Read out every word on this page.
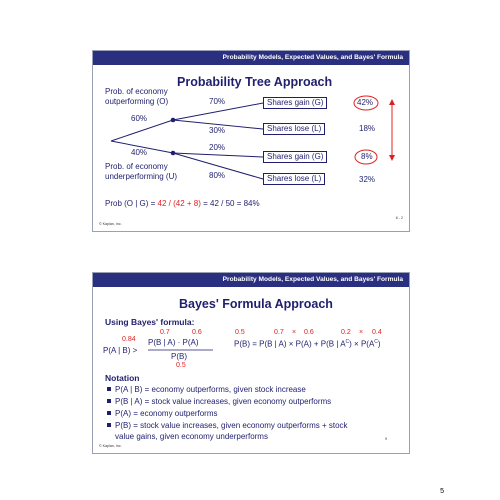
Probability Models, Expected Values, and Bayes' Formula
Probability Tree Approach
Prob. of economy
outperforming (O)
60%
40%
Prob. of economy
underperforming (U)
70%
30%
20%
80%
Shares gain (G)
Shares lose (L)
Shares gain (G)
Shares lose (L)
42%
18%
8%
32%
Prob (O | G) = 42 / (42 + 8) = 42 / 50 = 84%
© Kaplan, Inc.
6 - 2
Probability Models, Expected Values, and Bayes' Formula
Bayes' Formula Approach
Using Bayes' formula:
0.84
0.7	0.6
P(B | A) · P(A)
P(A | B) >
P(B)
0.5
0.5	0.7 × 0.6	0.2 × 0.4
P(B) = P(B | A) × P(A) + P(B | $A^C) \times P(A^C)$
Notation
P(A | B) = economy outperforms, given stock increase
P(B | A) = stock value increases, given economy outperforms
P(A) = economy outperforms
P(B) = stock value increases, given economy outperforms + stock
value gains, given economy underperforms
© Kaplan, Inc.
9
5
